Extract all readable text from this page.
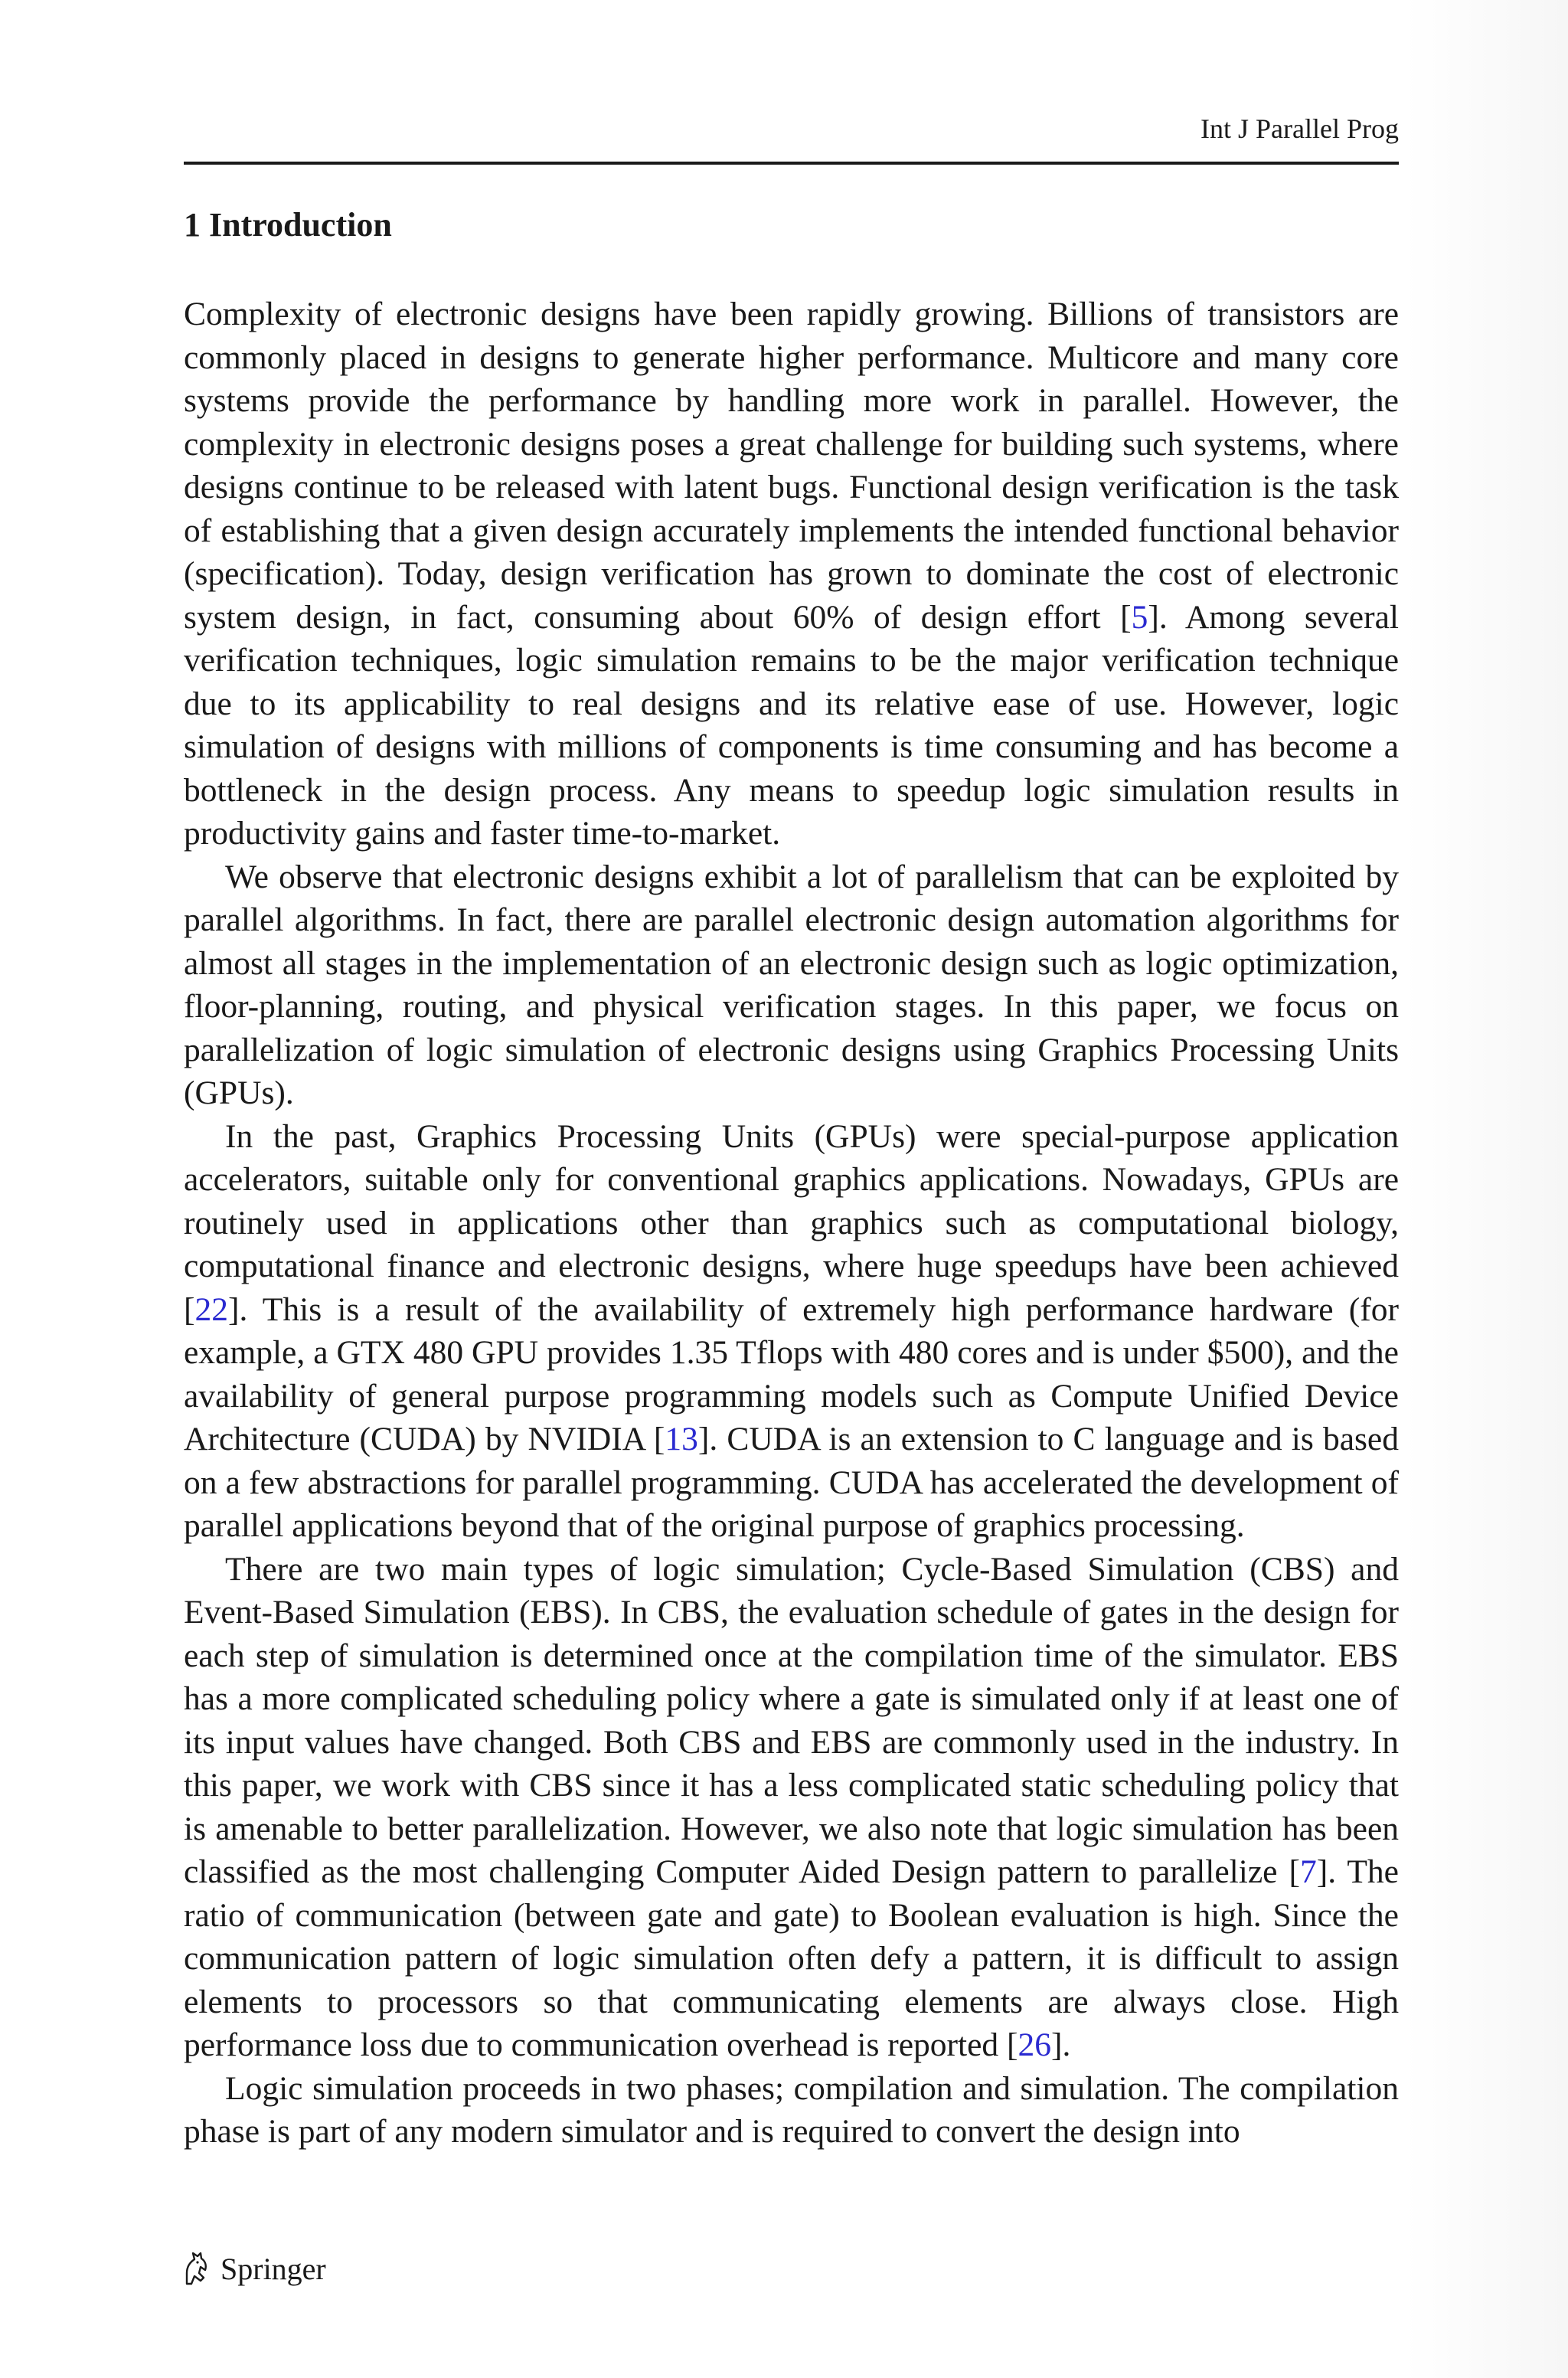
Int J Parallel Prog
1 Introduction

Complexity of electronic designs have been rapidly growing. Billions of transistors are commonly placed in designs to generate higher performance. Multicore and many core systems provide the performance by handling more work in parallel. However, the complexity in electronic designs poses a great challenge for building such systems, where designs continue to be released with latent bugs. Functional design verification is the task of establishing that a given design accurately implements the intended functional behavior (specification). Today, design verification has grown to dominate the cost of electronic system design, in fact, consuming about 60% of design effort [5]. Among several verification techniques, logic simulation remains to be the major verification technique due to its applicability to real designs and its relative ease of use. However, logic simulation of designs with millions of components is time consuming and has become a bottleneck in the design process. Any means to speedup logic simulation results in productivity gains and faster time-to-market.

We observe that electronic designs exhibit a lot of parallelism that can be exploited by parallel algorithms. In fact, there are parallel electronic design automation algorithms for almost all stages in the implementation of an electronic design such as logic optimization, floor-planning, routing, and physical verification stages. In this paper, we focus on parallelization of logic simulation of electronic designs using Graphics Processing Units (GPUs).

In the past, Graphics Processing Units (GPUs) were special-purpose application accelerators, suitable only for conventional graphics applications. Nowadays, GPUs are routinely used in applications other than graphics such as computational biology, computational finance and electronic designs, where huge speedups have been achieved [22]. This is a result of the availability of extremely high performance hardware (for example, a GTX 480 GPU provides 1.35 Tflops with 480 cores and is under $500), and the availability of general purpose programming models such as Compute Unified Device Architecture (CUDA) by NVIDIA [13]. CUDA is an extension to C language and is based on a few abstractions for parallel programming. CUDA has accelerated the development of parallel applications beyond that of the original purpose of graphics processing.

There are two main types of logic simulation; Cycle-Based Simulation (CBS) and Event-Based Simulation (EBS). In CBS, the evaluation schedule of gates in the design for each step of simulation is determined once at the compilation time of the simulator. EBS has a more complicated scheduling policy where a gate is simulated only if at least one of its input values have changed. Both CBS and EBS are commonly used in the industry. In this paper, we work with CBS since it has a less complicated static scheduling policy that is amenable to better parallelization. However, we also note that logic simulation has been classified as the most challenging Computer Aided Design pattern to parallelize [7]. The ratio of communication (between gate and gate) to Boolean evaluation is high. Since the communication pattern of logic simulation often defy a pattern, it is difficult to assign elements to processors so that communicating elements are always close. High performance loss due to communication overhead is reported [26].

Logic simulation proceeds in two phases; compilation and simulation. The compilation phase is part of any modern simulator and is required to convert the design into

Springer
